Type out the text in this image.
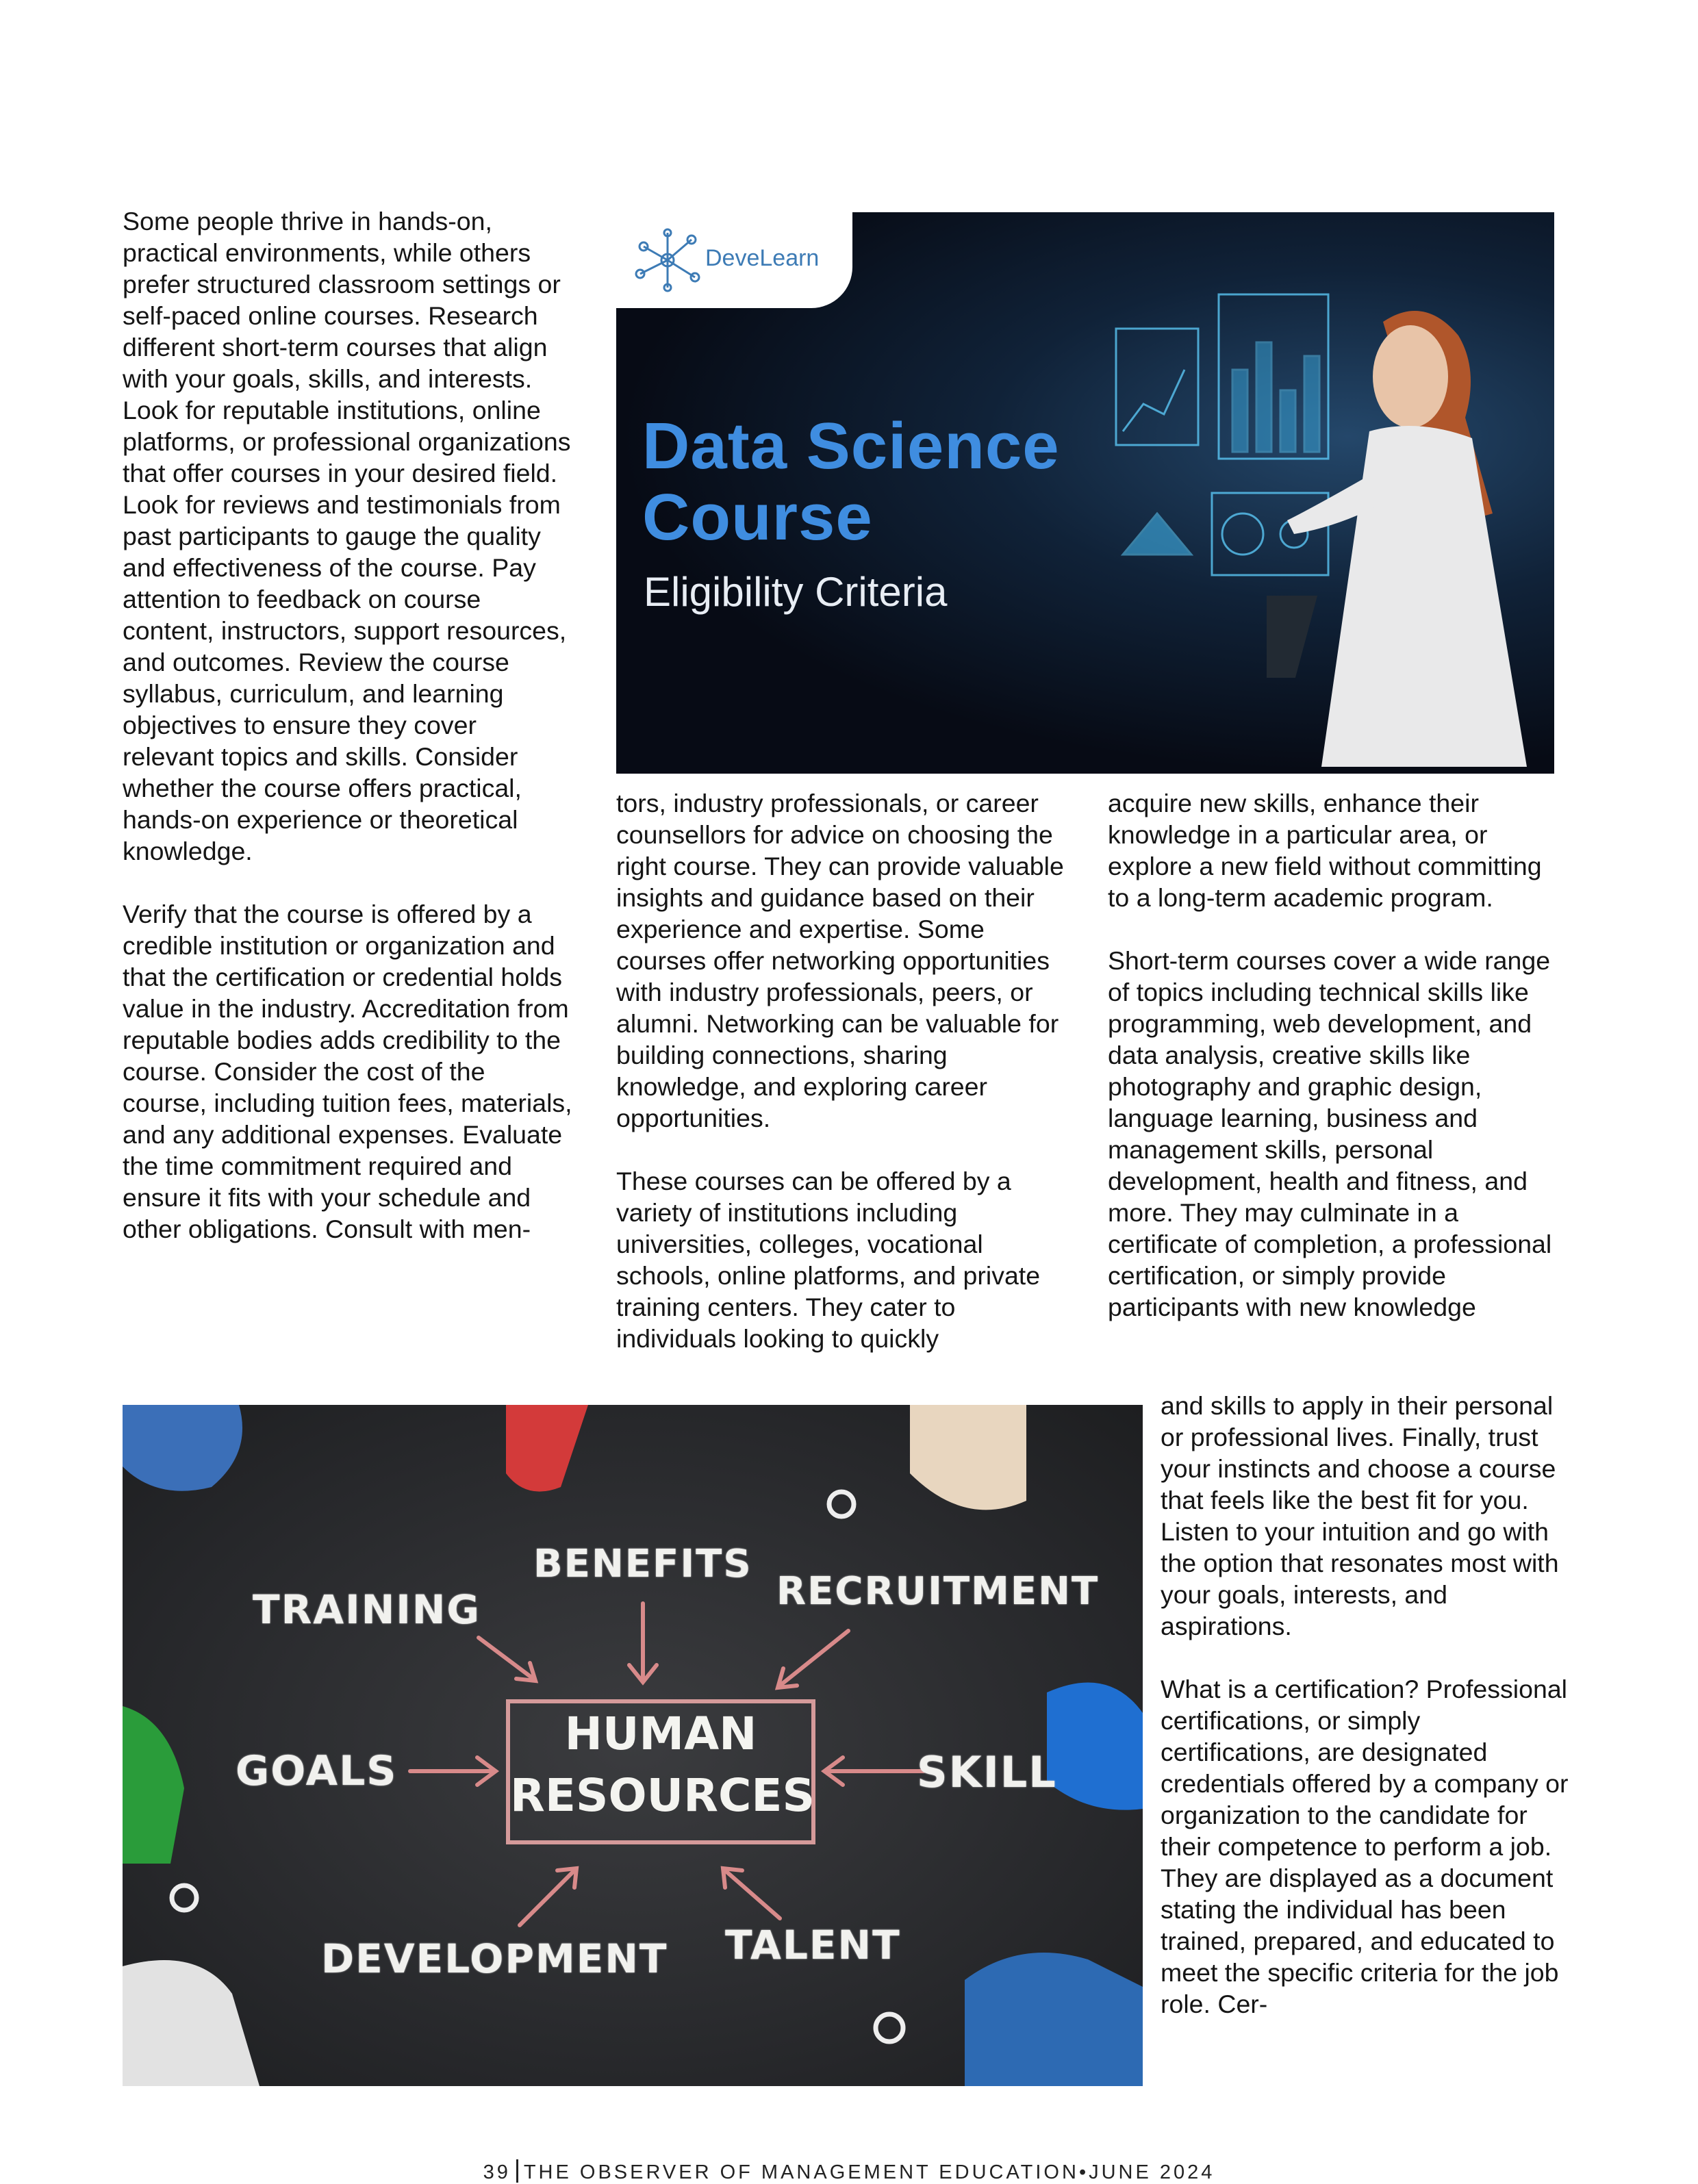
Some people thrive in hands-on, practical environments, while others prefer structured classroom settings or self-paced online courses. Research different short-term courses that align with your goals, skills, and interests. Look for reputable institutions, online platforms, or professional organizations that offer courses in your desired field. Look for reviews and testimonials from past participants to gauge the quality and effectiveness of the course. Pay attention to feedback on course content, instructors, support resources, and outcomes. Review the course syllabus, curriculum, and learning objectives to ensure they cover relevant topics and skills. Consider whether the course offers practical, hands-on experience or theoretical knowledge.

Verify that the course is offered by a credible institution or organization and that the certification or credential holds value in the industry. Accreditation from reputable bodies adds credibility to the course. Consider the cost of the course, including tuition fees, materials, and any additional expenses. Evaluate the time commitment required and ensure it fits with your schedule and other obligations. Consult with men-

DeveLearn
Data Science
Course
Eligibility Criteria

tors, industry professionals, or career counsellors for advice on choosing the right course. They can provide valuable insights and guidance based on their experience and expertise. Some courses offer networking opportunities with industry professionals, peers, or alumni. Networking can be valuable for building connections, sharing knowledge, and exploring career opportunities.

These courses can be offered by a variety of institutions including universities, colleges, vocational schools, online platforms, and private training centers. They cater to individuals looking to quickly

acquire new skills, enhance their knowledge in a particular area, or explore a new field without committing to a long-term academic program.

Short-term courses cover a wide range of topics including technical skills like programming, web development, and data analysis, creative skills like photography and graphic design, language learning, business and management skills, personal development, health and fitness, and more. They may culminate in a certificate of completion, a professional certification, or simply provide participants with new knowledge

and skills to apply in their personal or professional lives. Finally, trust your instincts and choose a course that feels like the best fit for you. Listen to your intuition and go with the option that resonates most with your goals, interests, and aspirations.

What is a certification? Professional certifications, or simply certifications, are designated credentials offered by a company or organization to the candidate for their competence to perform a job. They are displayed as a document stating the individual has been trained, prepared, and educated to meet the specific criteria for the job role. Cer-

BENEFITS
TRAINING	RECRUITMENT
GOALS
HUMAN
RESOURCES SKILL
DEVELOPMENT TALENT
39 THE OBSERVER OF MANAGEMENT EDUCATION•JUNE 2024
